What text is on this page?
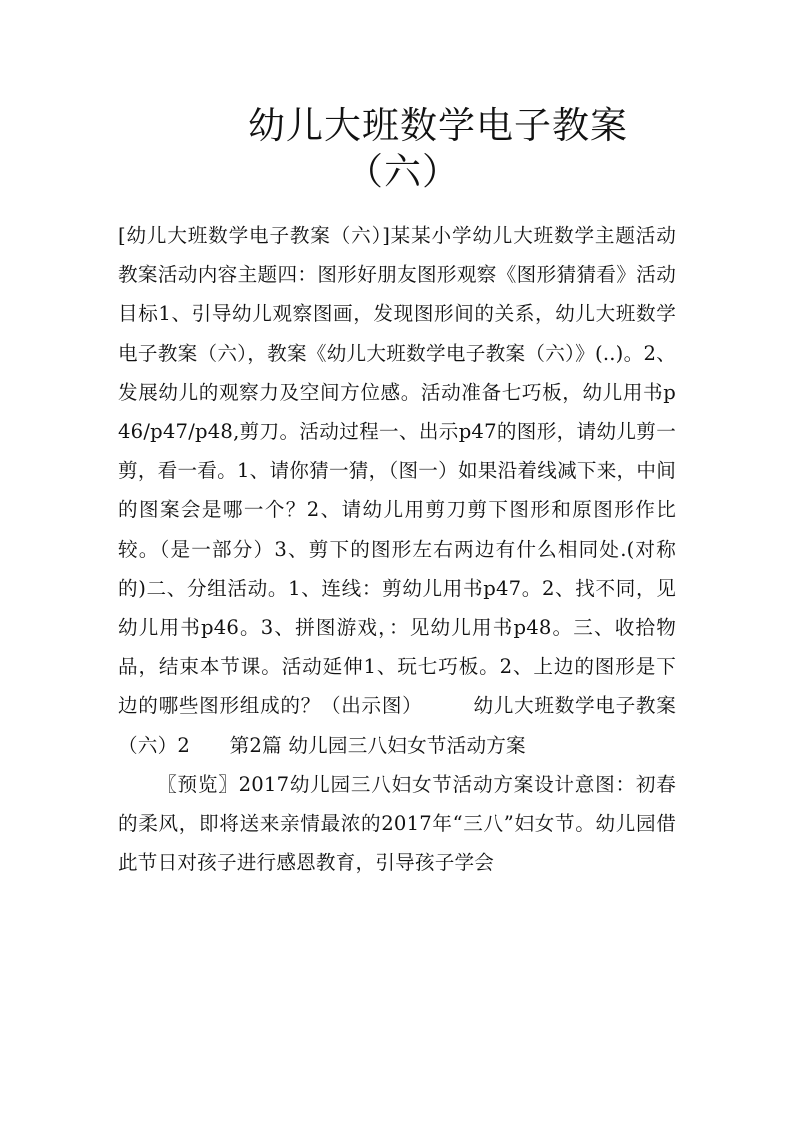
幼儿大班数学电子教案
（六）

[幼儿大班数学电子教案（六）]某某小学幼儿大班数学主题活动教案活动内容主题四：图形好朋友图形观察《图形猜猜看》活动目标1、引导幼儿观察图画，发现图形间的关系，幼儿大班数学电子教案（六），教案《幼儿大班数学电子教案（六）》(..)。2、发展幼儿的观察力及空间方位感。活动准备七巧板，幼儿用书p46/p47/p48,剪刀。活动过程一、出示p47的图形，请幼儿剪一剪，看一看。1、请你猜一猜，（图一）如果沿着线减下来，中间的图案会是哪一个？2、请幼儿用剪刀剪下图形和原图形作比较。（是一部分）3、剪下的图形左右两边有什么相同处.(对称的)二、分组活动。1、连线：剪幼儿用书p47。2、找不同，见幼儿用书p46。3、拼图游戏，：见幼儿用书p48。三、收拾物品，结束本节课。活动延伸1、玩七巧板。2、上边的图形是下边的哪些图形组成的？（出示图）　　　幼儿大班数学电子教案（六）2　　第2篇 幼儿园三八妇女节活动方案

〖预览〗2017幼儿园三八妇女节活动方案设计意图：初春的柔风，即将送来亲情最浓的2017年“三八”妇女节。幼儿园借此节日对孩子进行感恩教育，引导孩子学会
